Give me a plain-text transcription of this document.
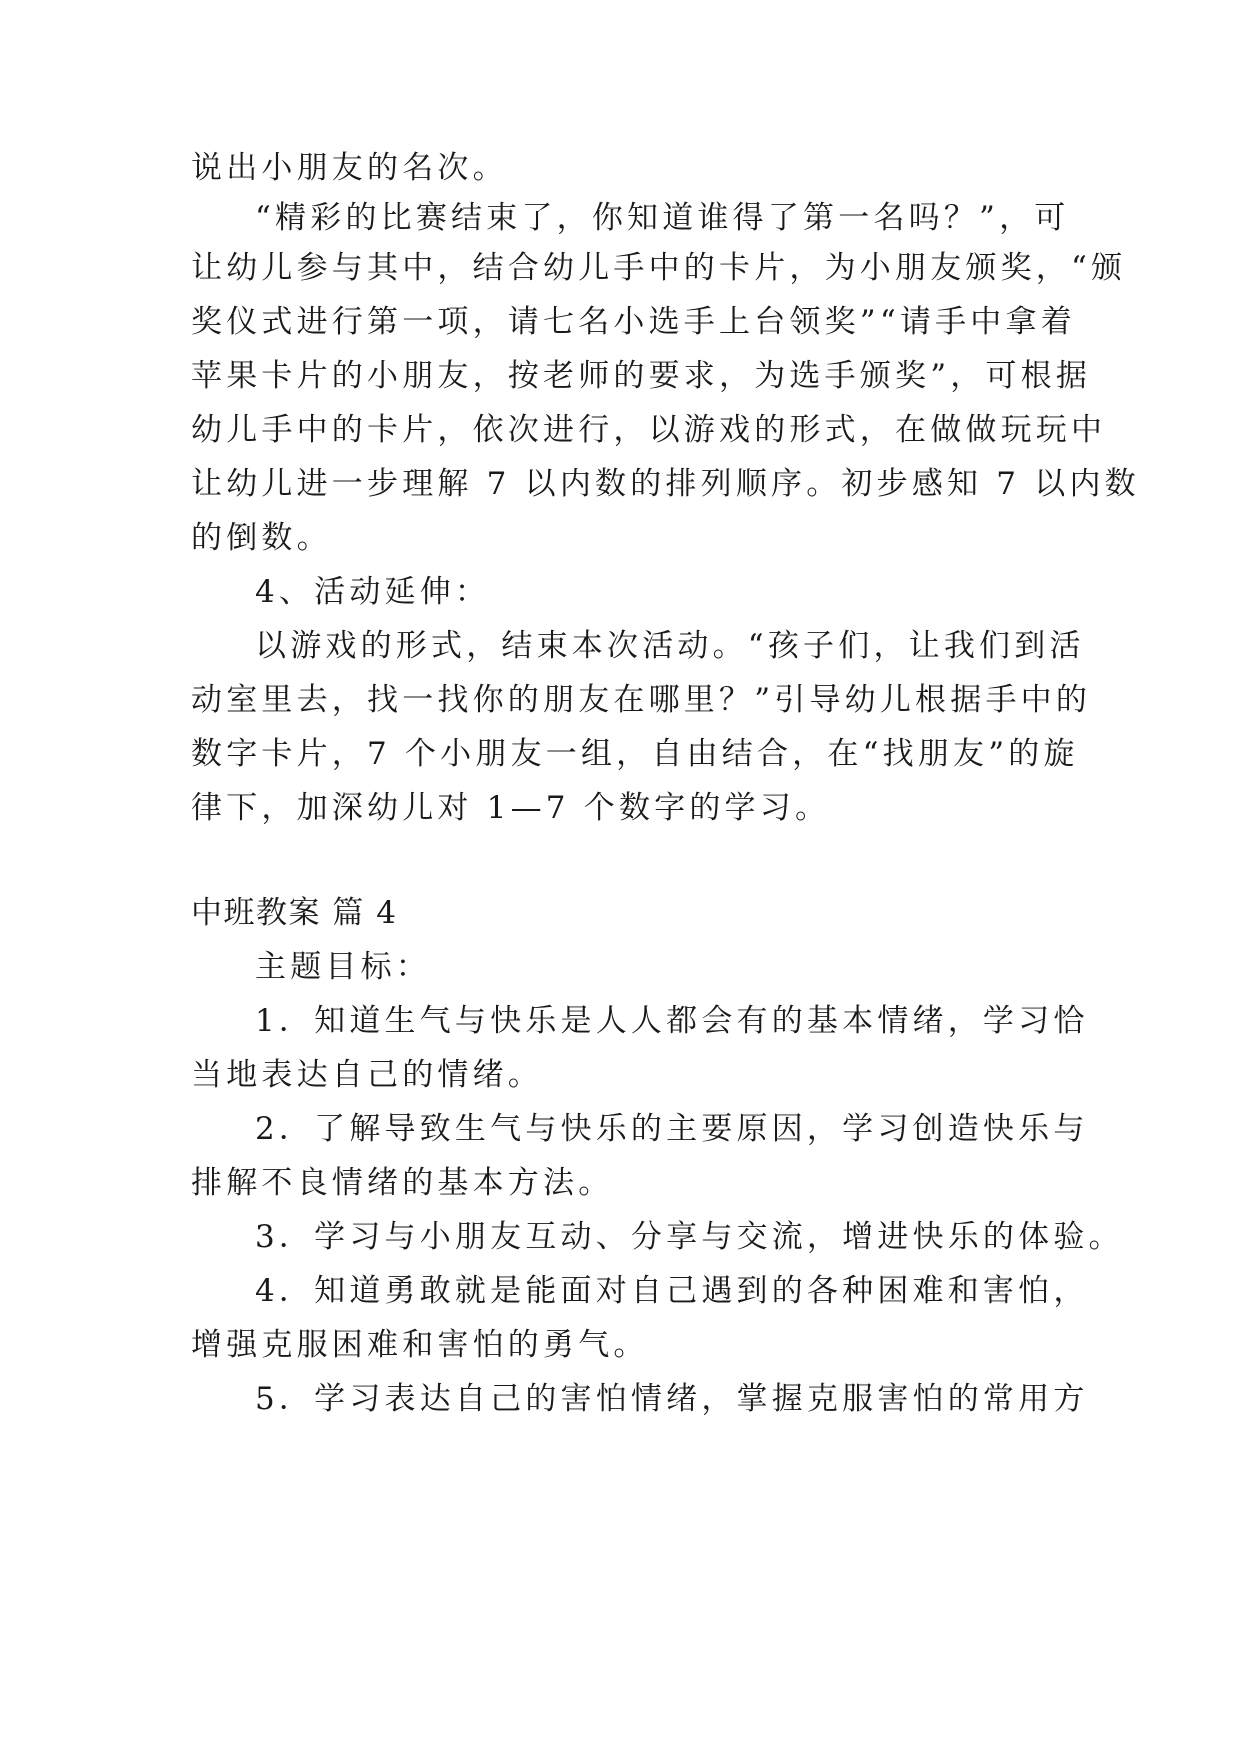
说出小朋友的名次。
“精彩的比赛结束了，你知道谁得了第一名吗？”，可
让幼儿参与其中，结合幼儿手中的卡片，为小朋友颁奖，“颁
奖仪式进行第一项，请七名小选手上台领奖”“请手中拿着
苹果卡片的小朋友，按老师的要求，为选手颁奖”，可根据
幼儿手中的卡片，依次进行，以游戏的形式，在做做玩玩中
让幼儿进一步理解 7 以内数的排列顺序。初步感知 7 以内数
的倒数。
4、活动延伸：
以游戏的形式，结束本次活动。“孩子们，让我们到活
动室里去，找一找你的朋友在哪里？”引导幼儿根据手中的
数字卡片，7 个小朋友一组，自由结合，在“找朋友”的旋
律下，加深幼儿对 1—7 个数字的学习。
中班教案 篇 4
主题目标：
1．知道生气与快乐是人人都会有的基本情绪，学习恰
当地表达自己的情绪。
2．了解导致生气与快乐的主要原因，学习创造快乐与
排解不良情绪的基本方法。
3．学习与小朋友互动、分享与交流，增进快乐的体验。
4．知道勇敢就是能面对自己遇到的各种困难和害怕，
增强克服困难和害怕的勇气。
5．学习表达自己的害怕情绪，掌握克服害怕的常用方
